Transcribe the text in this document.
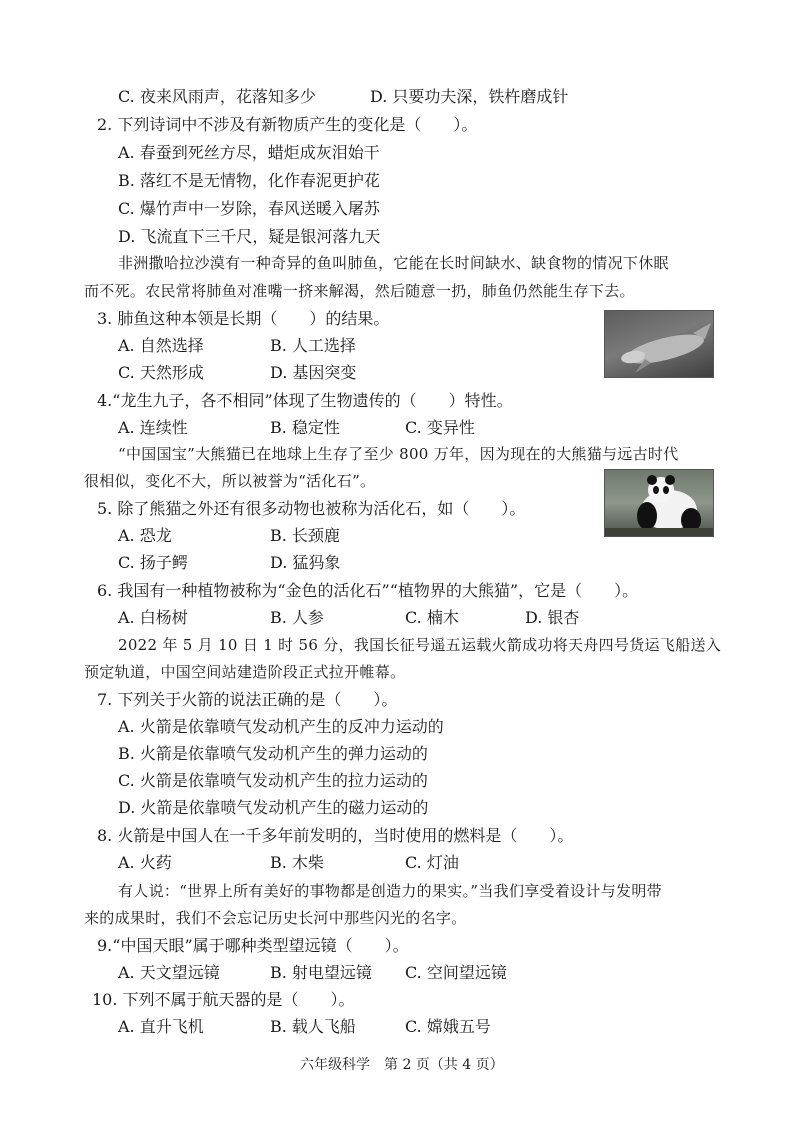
C. 夜来风雨声，花落知多少	D. 只要功夫深，铁杵磨成针
2. 下列诗词中不涉及有新物质产生的变化是（　　）。
A. 春蚕到死丝方尽，蜡炬成灰泪始干
B. 落红不是无情物，化作春泥更护花
C. 爆竹声中一岁除，春风送暖入屠苏
D. 飞流直下三千尺，疑是银河落九天
非洲撒哈拉沙漠有一种奇异的鱼叫肺鱼，它能在长时间缺水、缺食物的情况下休眠
而不死。农民常将肺鱼对准嘴一挤来解渴，然后随意一扔，肺鱼仍然能生存下去。
3. 肺鱼这种本领是长期（　　）的结果。
A. 自然选择	B. 人工选择
C. 天然形成	D. 基因突变
4.“龙生九子，各不相同”体现了生物遗传的（　　）特性。
A. 连续性	B. 稳定性	C. 变异性
“中国国宝”大熊猫已在地球上生存了至少 800 万年，因为现在的大熊猫与远古时代
很相似，变化不大，所以被誉为“活化石”。
5. 除了熊猫之外还有很多动物也被称为活化石，如（　　）。
A. 恐龙	B. 长颈鹿
C. 扬子鳄	D. 猛犸象
6. 我国有一种植物被称为“金色的活化石”“植物界的大熊猫”，它是（　　）。
A. 白杨树	B. 人参	C. 楠木	D. 银杏
2022 年 5 月 10 日 1 时 56 分，我国长征号遥五运载火箭成功将天舟四号货运飞船送入
预定轨道，中国空间站建造阶段正式拉开帷幕。
7. 下列关于火箭的说法正确的是（　　）。
A. 火箭是依靠喷气发动机产生的反冲力运动的
B. 火箭是依靠喷气发动机产生的弹力运动的
C. 火箭是依靠喷气发动机产生的拉力运动的
D. 火箭是依靠喷气发动机产生的磁力运动的
8. 火箭是中国人在一千多年前发明的，当时使用的燃料是（　　）。
A. 火药	B. 木柴	C. 灯油
有人说：“世界上所有美好的事物都是创造力的果实。”当我们享受着设计与发明带
来的成果时，我们不会忘记历史长河中那些闪光的名字。
9.“中国天眼”属于哪种类型望远镜（　　）。
A. 天文望远镜	B. 射电望远镜 C. 空间望远镜
10. 下列不属于航天器的是（　　）。
A. 直升飞机	B. 载人飞船	C. 嫦娥五号
六年级科学　第 2 页（共 4 页）
